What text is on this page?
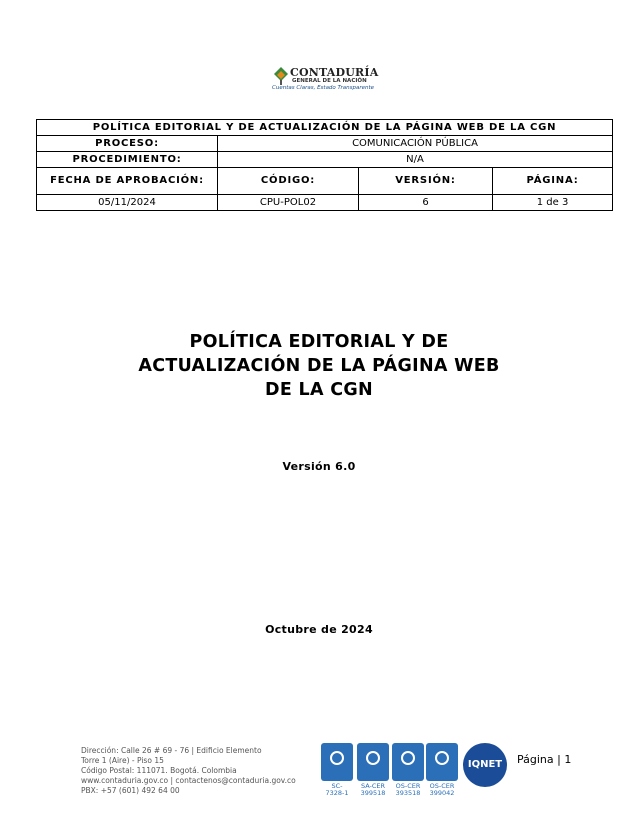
CONTADURÍA
GENERAL DE LA NACIÓN
Cuentas Claras, Estado Transparente
POLÍTICA EDITORIAL Y DE ACTUALIZACIÓN DE LA PÁGINA WEB DE LA CGN			
PROCESO:	COMUNICACIÓN PÚBLICA		
PROCEDIMIENTO:	N/A		
FECHA DE APROBACIÓN:	CÓDIGO:	VERSIÓN:	PÁGINA:
05/11/2024	CPU-POL02	6	1 de 3
POLÍTICA EDITORIAL Y DE
ACTUALIZACIÓN DE LA PÁGINA WEB
DE LA CGN
Versión 6.0
Octubre de 2024
Dirección: Calle 26 # 69 - 76 | Edificio Elemento
Torre 1 (Aire) - Piso 15
Código Postal: 111071. Bogotá. Colombia
www.contaduria.gov.co | contactenos@contaduria.gov.co
PBX: +57 (601) 492 64 00	SC-
7328-1
SA-CER
399518
OS-CER
393518
OS-CER
399042
IQNET	Página | 1
